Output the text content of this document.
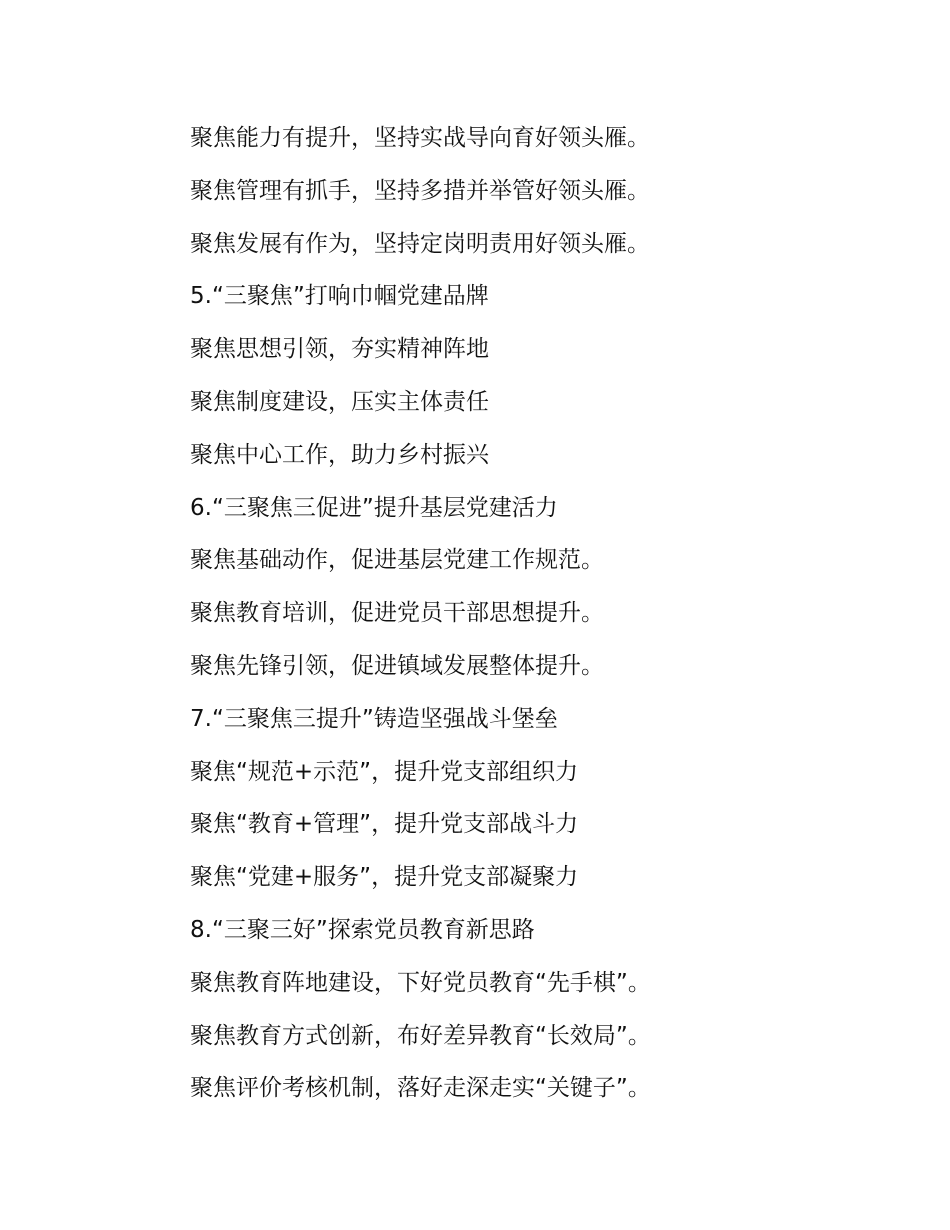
聚焦能力有提升，坚持实战导向育好领头雁。
聚焦管理有抓手，坚持多措并举管好领头雁。
聚焦发展有作为，坚持定岗明责用好领头雁。
5.“三聚焦”打响巾帼党建品牌
聚焦思想引领，夯实精神阵地
聚焦制度建设，压实主体责任
聚焦中心工作，助力乡村振兴
6.“三聚焦三促进”提升基层党建活力
聚焦基础动作，促进基层党建工作规范。
聚焦教育培训，促进党员干部思想提升。
聚焦先锋引领，促进镇域发展整体提升。
7.“三聚焦三提升”铸造坚强战斗堡垒
聚焦“规范+示范”，提升党支部组织力
聚焦“教育+管理”，提升党支部战斗力
聚焦“党建+服务”，提升党支部凝聚力
8.“三聚三好”探索党员教育新思路
聚焦教育阵地建设，下好党员教育“先手棋”。
聚焦教育方式创新，布好差异教育“长效局”。
聚焦评价考核机制，落好走深走实“关键子”。
